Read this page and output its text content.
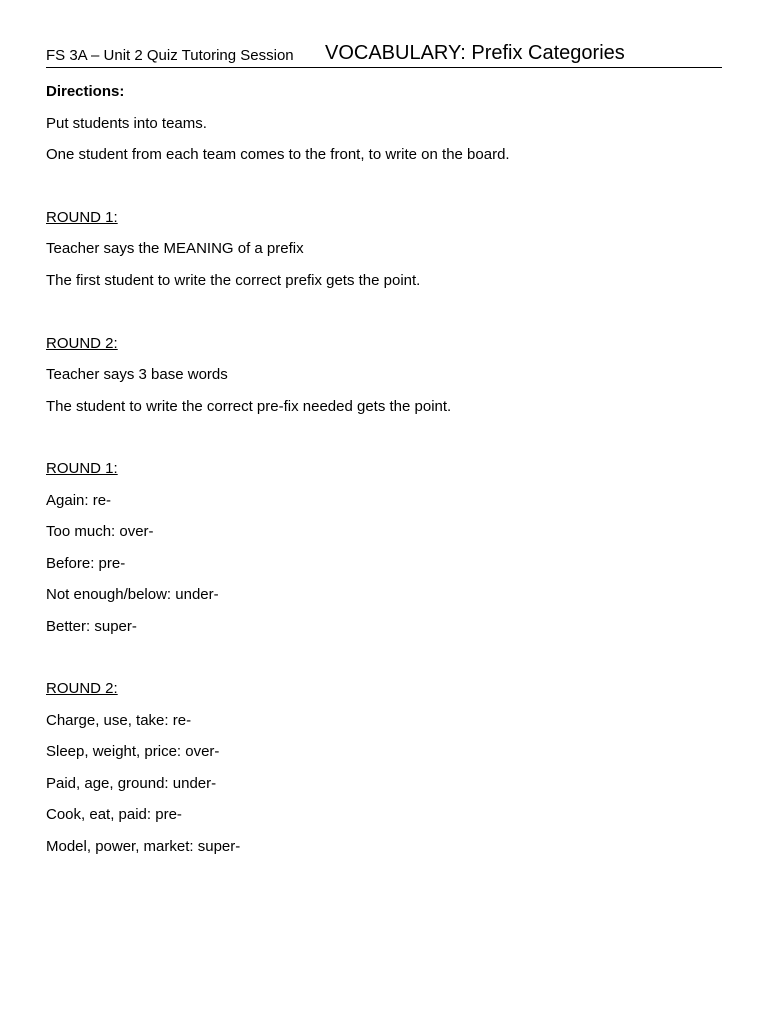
FS 3A – Unit 2 Quiz Tutoring Session VOCABULARY: Prefix Categories
Directions:
Put students into teams.
One student from each team comes to the front, to write on the board.
ROUND 1:
Teacher says the MEANING of a prefix
The first student to write the correct prefix gets the point.
ROUND 2:
Teacher says 3 base words
The student to write the correct pre-fix needed gets the point.
ROUND 1:
Again: re-
Too much: over-
Before: pre-
Not enough/below: under-
Better: super-
ROUND 2:
Charge, use, take: re-
Sleep, weight, price: over-
Paid, age, ground: under-
Cook, eat, paid: pre-
Model, power, market: super-
